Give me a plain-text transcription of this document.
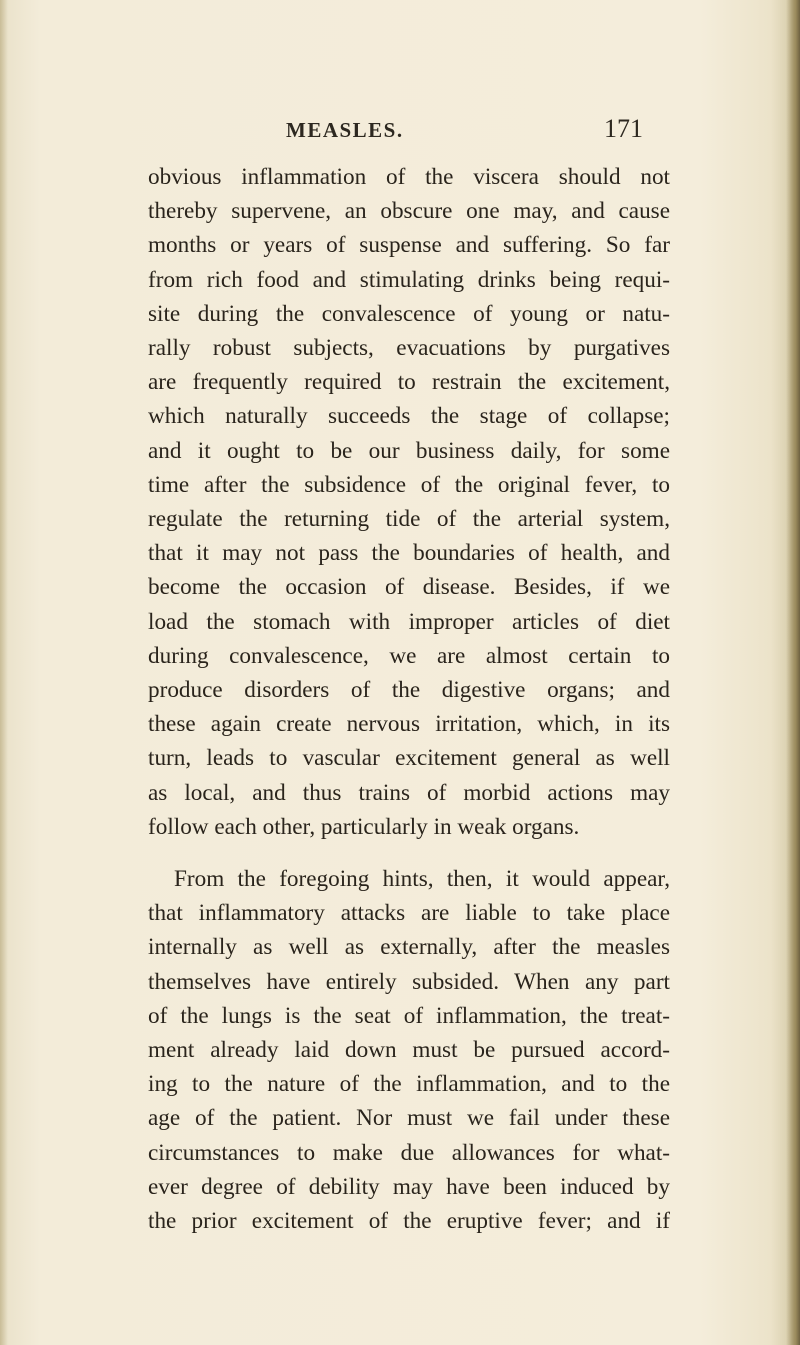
MEASLES.	171
obvious inflammation of the viscera should not
thereby supervene, an obscure one may, and cause
months or years of suspense and suffering. So far
from rich food and stimulating drinks being requi-
site during the convalescence of young or natu-
rally robust subjects, evacuations by purgatives
are frequently required to restrain the excitement,
which naturally succeeds the stage of collapse;
and it ought to be our business daily, for some
time after the subsidence of the original fever, to
regulate the returning tide of the arterial system,
that it may not pass the boundaries of health, and
become the occasion of disease. Besides, if we
load the stomach with improper articles of diet
during convalescence, we are almost certain to
produce disorders of the digestive organs; and
these again create nervous irritation, which, in its
turn, leads to vascular excitement general as well
as local, and thus trains of morbid actions may
follow each other, particularly in weak organs.
From the foregoing hints, then, it would appear,
that inflammatory attacks are liable to take place
internally as well as externally, after the measles
themselves have entirely subsided. When any part
of the lungs is the seat of inflammation, the treat-
ment already laid down must be pursued accord-
ing to the nature of the inflammation, and to the
age of the patient. Nor must we fail under these
circumstances to make due allowances for what-
ever degree of debility may have been induced by
the prior excitement of the eruptive fever; and if
